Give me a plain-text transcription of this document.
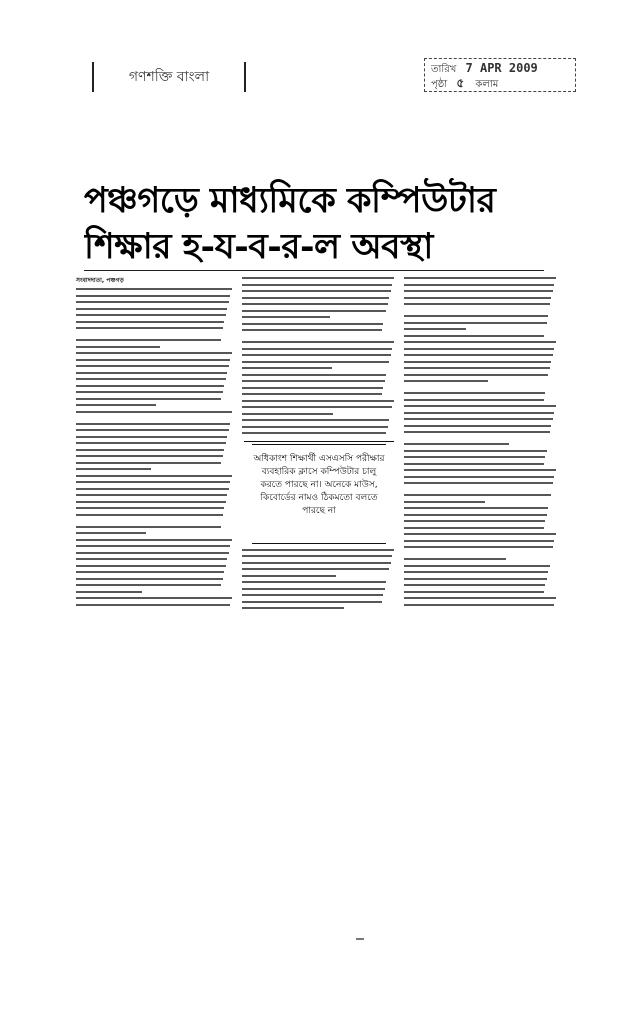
গণশক্তি বাংলা	তারিখ 7 APR 2009
পৃষ্ঠা ৫ কলাম
পঞ্চগড়ে মাধ্যমিকে কম্পিউটার
শিক্ষার হ-য-ব-র-ল অবস্থা
সংবাদদাতা, পঞ্চগড়
অধিকাংশ শিক্ষার্থী এসএসসি পরীক্ষার ব্যবহারিক ক্লাসে কম্পিউটার চালু করতে পারছে না। অনেকে মাউস, কিবোর্ডের নামও ঠিকমতো বলতে পারছে না
